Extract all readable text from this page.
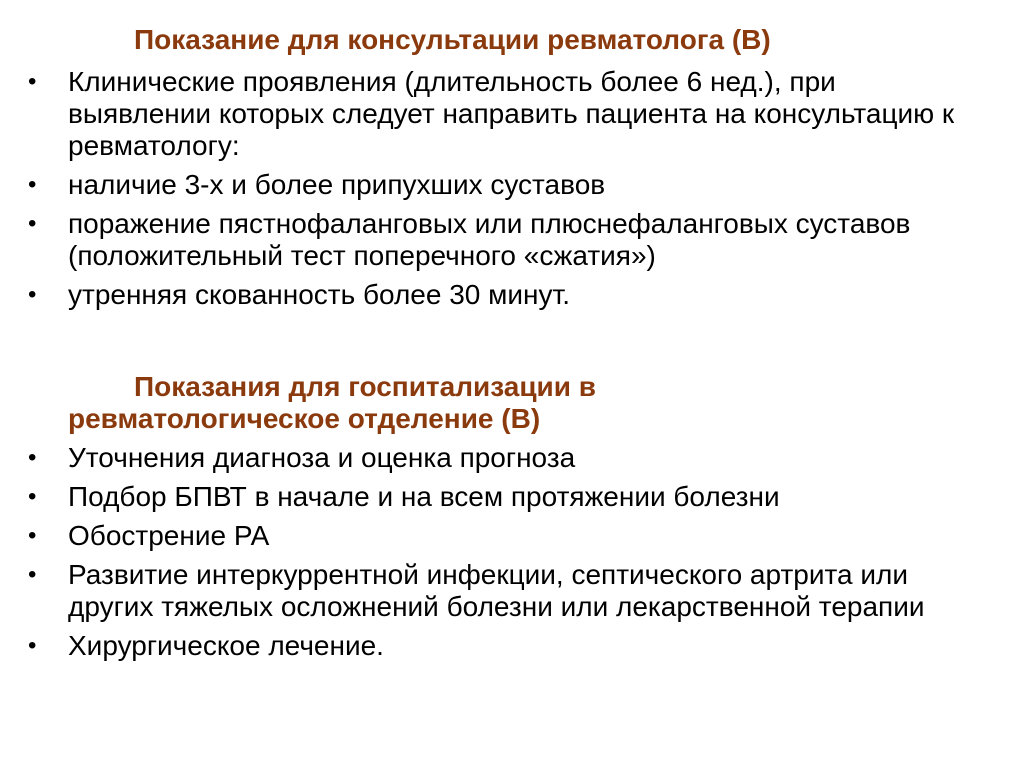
Показание для консультации ревматолога (В)
• Клинические проявления (длительность более 6 нед.), при выявлении которых следует направить пациента на консультацию к ревматологу:
• наличие 3-х и более припухших суставов
• поражение пястнофаланговых или плюснефаланговых суставов (положительный тест поперечного «сжатия»)
• утренняя скованность более 30 минут.
Показания для госпитализации в
ревматологическое отделение (В)
• Уточнения диагноза и оценка прогноза
• Подбор БПВТ в начале и на всем протяжении болезни
• Обострение РА
• Развитие интеркуррентной инфекции, септического артрита или других тяжелых осложнений болезни или лекарственной терапии
• Хирургическое лечение.
